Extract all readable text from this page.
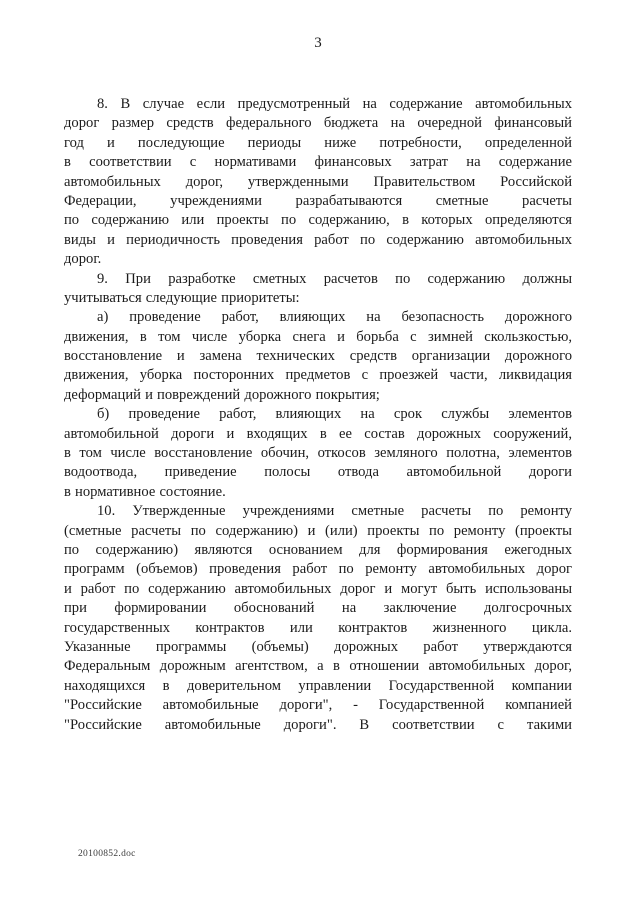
3
8. В случае если предусмотренный на содержание автомобильных
дорог размер средств федерального бюджета на очередной финансовый
год и последующие периоды ниже потребности, определенной
в соответствии с нормативами финансовых затрат на содержание
автомобильных дорог, утвержденными Правительством Российской
Федерации, учреждениями разрабатываются сметные расчеты
по содержанию или проекты по содержанию, в которых определяются
виды и периодичность проведения работ по содержанию автомобильных
дорог.
9. При разработке сметных расчетов по содержанию должны
учитываться следующие приоритеты:
а) проведение работ, влияющих на безопасность дорожного
движения, в том числе уборка снега и борьба с зимней скользкостью,
восстановление и замена технических средств организации дорожного
движения, уборка посторонних предметов с проезжей части, ликвидация
деформаций и повреждений дорожного покрытия;
б) проведение работ, влияющих на срок службы элементов
автомобильной дороги и входящих в ее состав дорожных сооружений,
в том числе восстановление обочин, откосов земляного полотна, элементов
водоотвода, приведение полосы отвода автомобильной дороги
в нормативное состояние.
10. Утвержденные учреждениями сметные расчеты по ремонту
(сметные расчеты по содержанию) и (или) проекты по ремонту (проекты
по содержанию) являются основанием для формирования ежегодных
программ (объемов) проведения работ по ремонту автомобильных дорог
и работ по содержанию автомобильных дорог и могут быть использованы
при формировании обоснований на заключение долгосрочных
государственных контрактов или контрактов жизненного цикла.
Указанные программы (объемы) дорожных работ утверждаются
Федеральным дорожным агентством, а в отношении автомобильных дорог,
находящихся в доверительном управлении Государственной компании
"Российские автомобильные дороги", - Государственной компанией
"Российские автомобильные дороги". В соответствии с такими
20100852.doc
